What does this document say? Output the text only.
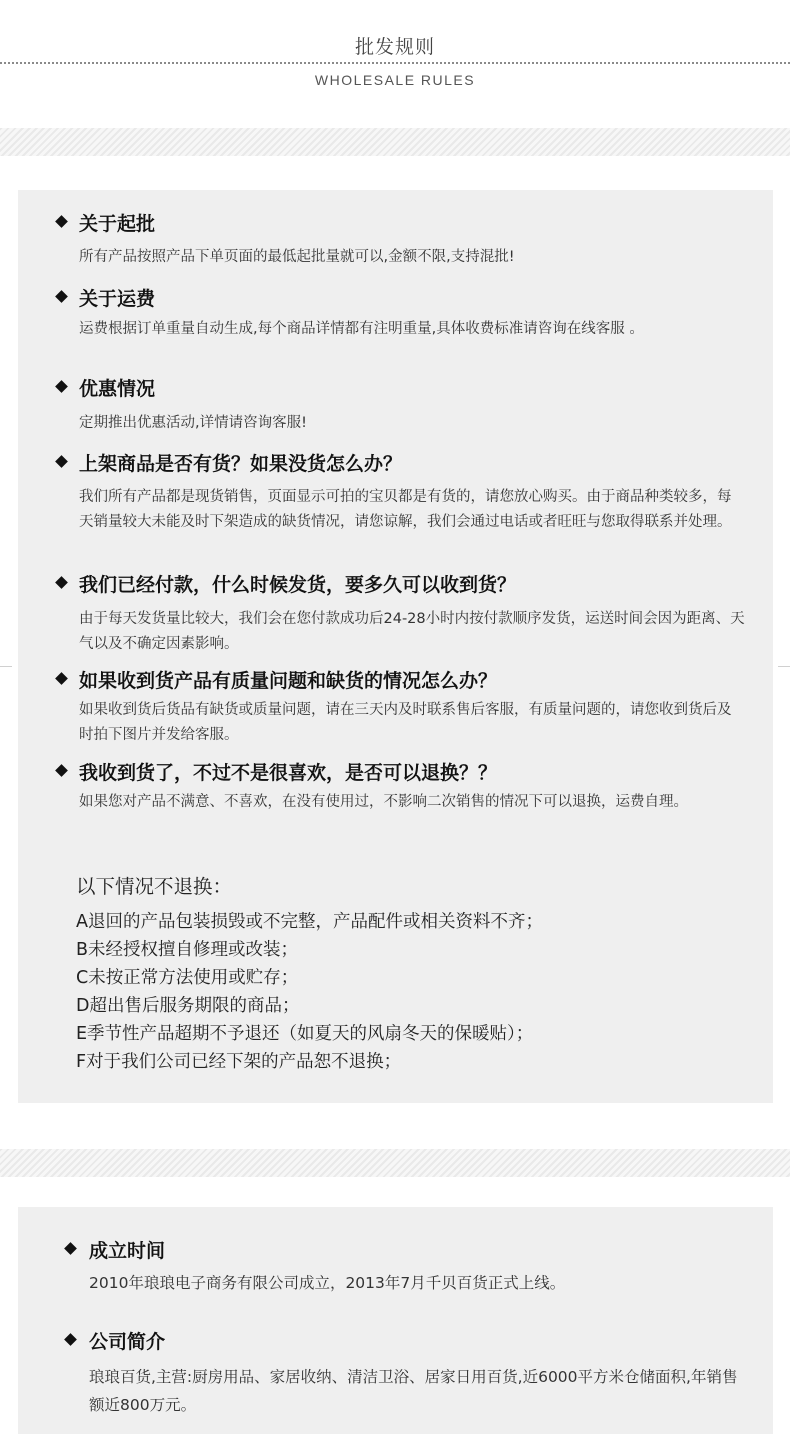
批发规则
WHOLESALE RULES
关于起批
所有产品按照产品下单页面的最低起批量就可以,金额不限,支持混批!
关于运费
运费根据订单重量自动生成,每个商品详情都有注明重量,具体收费标准请咨询在线客服 。
优惠情况
定期推出优惠活动,详情请咨询客服!
上架商品是否有货？如果没货怎么办？
我们所有产品都是现货销售，页面显示可拍的宝贝都是有货的，请您放心购买。由于商品种类较多，每天销量较大未能及时下架造成的缺货情况，请您谅解，我们会通过电话或者旺旺与您取得联系并处理。
我们已经付款，什么时候发货，要多久可以收到货？
由于每天发货量比较大，我们会在您付款成功后24-28小时内按付款顺序发货，运送时间会因为距离、天气以及不确定因素影响。
如果收到货产品有质量问题和缺货的情况怎么办？
如果收到货后货品有缺货或质量问题，请在三天内及时联系售后客服，有质量问题的，请您收到货后及时拍下图片并发给客服。
我收到货了，不过不是很喜欢，是否可以退换？？
如果您对产品不满意、不喜欢，在没有使用过，不影响二次销售的情况下可以退换，运费自理。
以下情况不退换：
A退回的产品包装损毁或不完整，产品配件或相关资料不齐；
B未经授权擅自修理或改装；
C未按正常方法使用或贮存；
D超出售后服务期限的商品；
E季节性产品超期不予退还（如夏天的风扇冬天的保暖贴）；
F对于我们公司已经下架的产品恕不退换；
成立时间
2010年琅琅电子商务有限公司成立，2013年7月千贝百货正式上线。
公司简介
琅琅百货,主营:厨房用品、家居收纳、清洁卫浴、居家日用百货,近6000平方米仓储面积,年销售额近800万元。
